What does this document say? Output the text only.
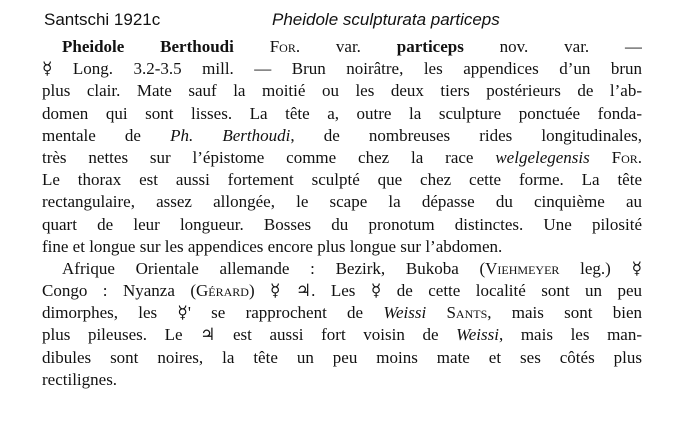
Santschi 1921c	Pheidole sculpturata particeps
Pheidole Berthoudi For. var. particeps nov. var. —
☿ Long. 3.2-3.5 mill. — Brun noirâtre, les appendices d’un brun
plus clair. Mate sauf la moitié ou les deux tiers postérieurs de l’ab-
domen qui sont lisses. La tête a, outre la sculpture ponctuée fonda-
mentale de Ph. Berthoudi, de nombreuses rides longitudinales,
très nettes sur l’épistome comme chez la race welgelegensis For.
Le thorax est aussi fortement sculpté que chez cette forme. La tête
rectangulaire, assez allongée, le scape la dépasse du cinquième au
quart de leur longueur. Bosses du pronotum distinctes. Une pilosité
fine et longue sur les appendices encore plus longue sur l’abdomen.
Afrique Orientale allemande : Bezirk, Bukoba (Viehmeyer leg.) ☿
Congo : Nyanza (Gérard) ☿ ♃. Les ☿ de cette localité sont un peu
dimorphes, les ☿' se rapprochent de Weissi Sants, mais sont bien
plus pileuses. Le ♃ est aussi fort voisin de Weissi, mais les man-
dibules sont noires, la tête un peu moins mate et ses côtés plus
rectilignes.
